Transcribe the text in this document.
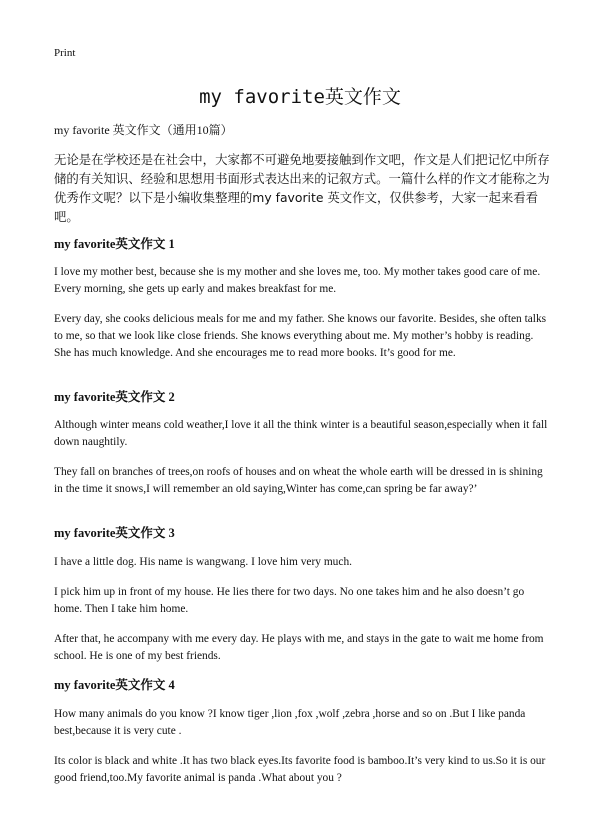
Print
my favorite英文作文
my favorite 英文作文（通用10篇）

无论是在学校还是在社会中，大家都不可避免地要接触到作文吧，作文是人们把记忆中所存储的有关知识、经验和思想用书面形式表达出来的记叙方式。一篇什么样的作文才能称之为优秀作文呢？以下是小编收集整理的my favorite 英文作文，仅供参考，大家一起来看看吧。

my favorite英文作文 1

I love my mother best, because she is my mother and she loves me, too. My mother takes good care of me. Every morning, she gets up early and makes breakfast for me.

Every day, she cooks delicious meals for me and my father. She knows our favorite. Besides, she often talks to me, so that we look like close friends. She knows everything about me. My mother’s hobby is reading. She has much knowledge. And she encourages me to read more books. It’s good for me.

my favorite英文作文 2

Although winter means cold weather,I love it all the think winter is a beautiful season,especially when it fall down naughtily.

They fall on branches of trees,on roofs of houses and on wheat the whole earth will be dressed in is shining in the time it snows,I will remember an old saying,Winter has come,can spring be far away?’

my favorite英文作文 3

I have a little dog. His name is wangwang. I love him very much.

I pick him up in front of my house. He lies there for two days. No one takes him and he also doesn’t go home. Then I take him home.

After that, he accompany with me every day. He plays with me, and stays in the gate to wait me home from school. He is one of my best friends.

my favorite英文作文 4

How many animals do you know ?I know tiger ,lion ,fox ,wolf ,zebra ,horse and so on .But I like panda best,because it is very cute .

Its color is black and white .It has two black eyes.Its favorite food is bamboo.It’s very kind to us.So it is our good friend,too.My favorite animal is panda .What about you ?
